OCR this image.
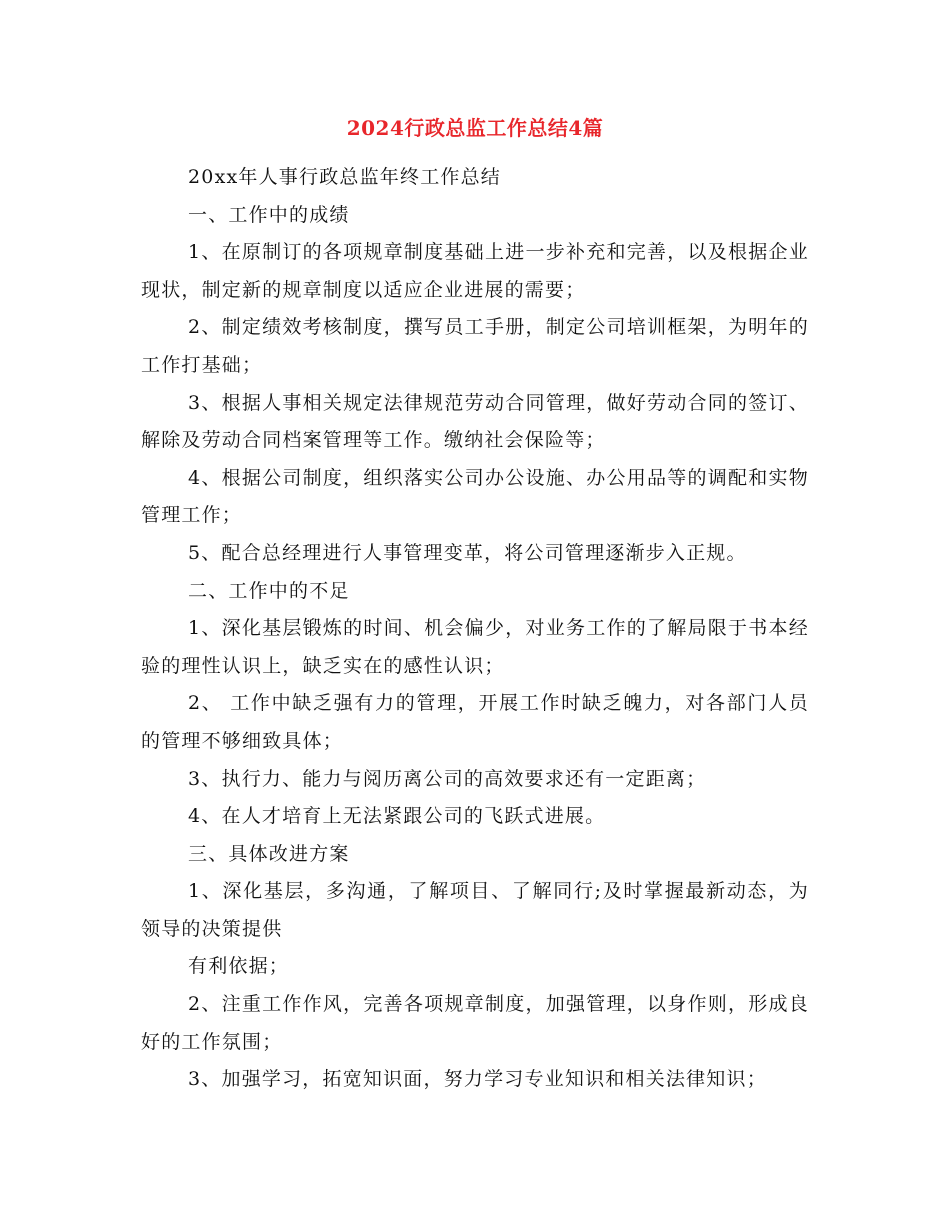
2024行政总监工作总结4篇

20xx年人事行政总监年终工作总结

一、工作中的成绩

1、在原制订的各项规章制度基础上进一步补充和完善，以及根据企业现状，制定新的规章制度以适应企业进展的需要；

2、制定绩效考核制度，撰写员工手册，制定公司培训框架，为明年的工作打基础；

3、根据人事相关规定法律规范劳动合同管理，做好劳动合同的签订、解除及劳动合同档案管理等工作。缴纳社会保险等；

4、根据公司制度，组织落实公司办公设施、办公用品等的调配和实物管理工作；

5、配合总经理进行人事管理变革，将公司管理逐渐步入正规。

二、工作中的不足

1、深化基层锻炼的时间、机会偏少，对业务工作的了解局限于书本经验的理性认识上，缺乏实在的感性认识；

2、 工作中缺乏强有力的管理，开展工作时缺乏魄力，对各部门人员的管理不够细致具体；

3、执行力、能力与阅历离公司的高效要求还有一定距离；

4、在人才培育上无法紧跟公司的飞跃式进展。

三、具体改进方案

1、深化基层，多沟通，了解项目、了解同行;及时掌握最新动态，为领导的决策提供

有利依据；

2、注重工作作风，完善各项规章制度，加强管理，以身作则，形成良好的工作氛围；

3、加强学习，拓宽知识面，努力学习专业知识和相关法律知识；
